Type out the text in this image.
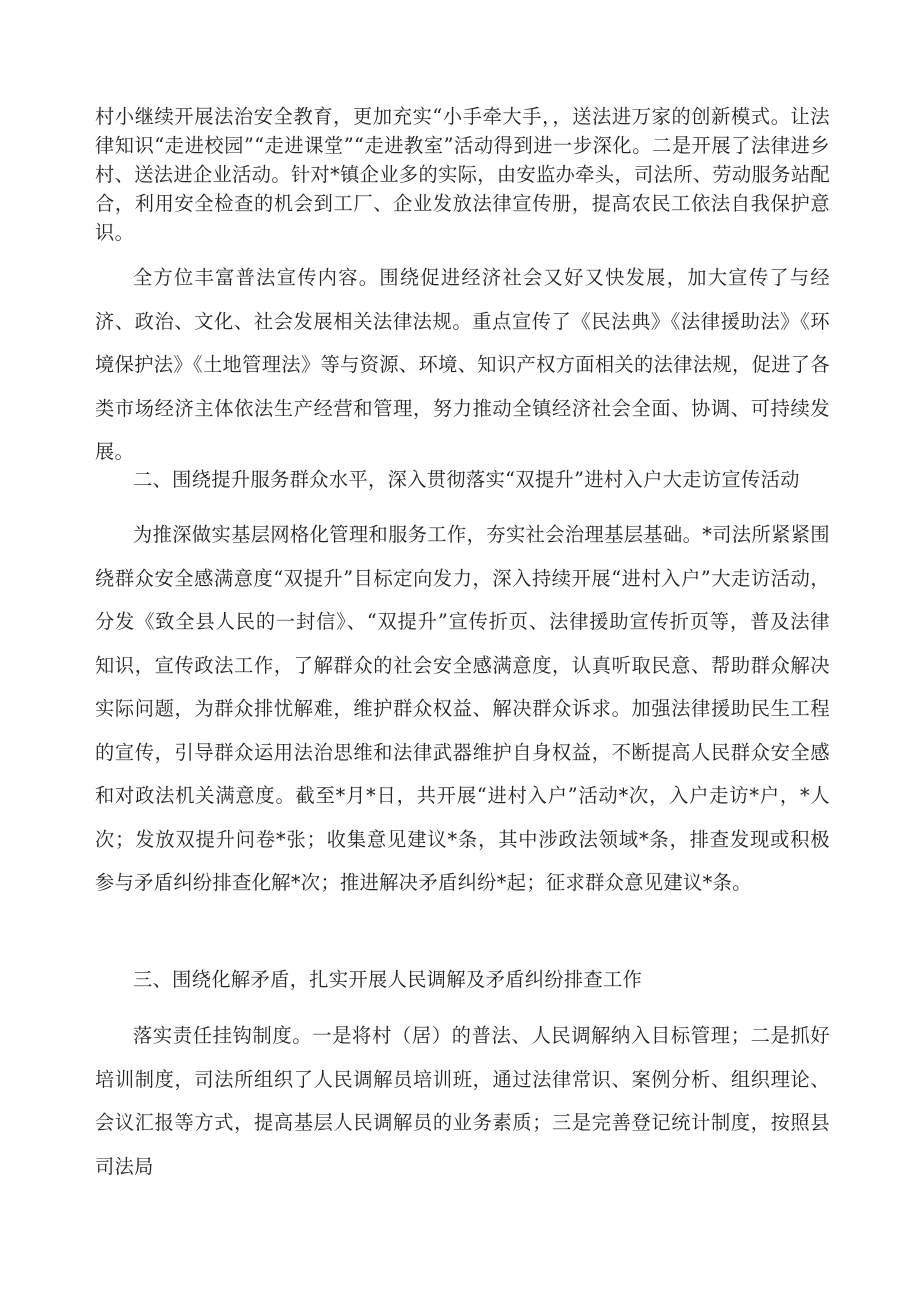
村小继续开展法治安全教育，更加充实“小手牵大手，，送法进万家的创新模式。让法律知识“走进校园”“走进课堂”“走进教室”活动得到进一步深化。二是开展了法律进乡村、送法进企业活动。针对*镇企业多的实际，由安监办牵头，司法所、劳动服务站配合，利用安全检查的机会到工厂、企业发放法律宣传册，提高农民工依法自我保护意识。

全方位丰富普法宣传内容。围绕促进经济社会又好又快发展，加大宣传了与经济、政治、文化、社会发展相关法律法规。重点宣传了《民法典》《法律援助法》《环境保护法》《土地管理法》等与资源、环境、知识产权方面相关的法律法规，促进了各类市场经济主体依法生产经营和管理，努力推动全镇经济社会全面、协调、可持续发展。

二、围绕提升服务群众水平，深入贯彻落实“双提升”进村入户大走访宣传活动

为推深做实基层网格化管理和服务工作，夯实社会治理基层基础。*司法所紧紧围绕群众安全感满意度“双提升”目标定向发力，深入持续开展“进村入户”大走访活动，分发《致全县人民的一封信》、“双提升”宣传折页、法律援助宣传折页等，普及法律知识，宣传政法工作，了解群众的社会安全感满意度，认真听取民意、帮助群众解决实际问题，为群众排忧解难，维护群众权益、解决群众诉求。加强法律援助民生工程的宣传，引导群众运用法治思维和法律武器维护自身权益，不断提高人民群众安全感和对政法机关满意度。截至*月*日，共开展“进村入户”活动*次，入户走访*户，*人次；发放双提升问卷*张；收集意见建议*条，其中涉政法领域*条，排查发现或积极参与矛盾纠纷排查化解*次；推进解决矛盾纠纷*起；征求群众意见建议*条。

三、围绕化解矛盾，扎实开展人民调解及矛盾纠纷排查工作

落实责任挂钩制度。一是将村（居）的普法、人民调解纳入目标管理；二是抓好培训制度，司法所组织了人民调解员培训班，通过法律常识、案例分析、组织理论、会议汇报等方式，提高基层人民调解员的业务素质；三是完善登记统计制度，按照县司法局
